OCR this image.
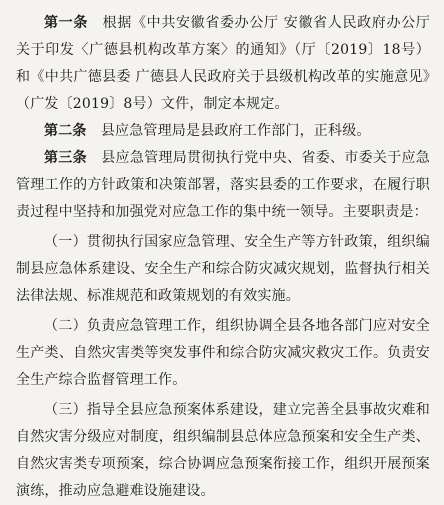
第一条　 根据《中共安徽省委办公厅 安徽省人民政府办公厅关于印发〈广德县机构改革方案〉的通知》（厅〔2019〕18号）和《中共广德县委 广德县人民政府关于县级机构改革的实施意见》（广发〔2019〕8号）文件，制定本规定。

第二条　 县应急管理局是县政府工作部门，正科级。

第三条　 县应急管理局贯彻执行党中央、省委、市委关于应急管理工作的方针政策和决策部署，落实县委的工作要求，在履行职责过程中坚持和加强党对应急工作的集中统一领导。主要职责是：

（一）贯彻执行国家应急管理、安全生产等方针政策，组织编制县应急体系建设、安全生产和综合防灾减灾规划，监督执行相关法律法规、标准规范和政策规划的有效实施。

（二）负责应急管理工作，组织协调全县各地各部门应对安全生产类、自然灾害类等突发事件和综合防灾减灾救灾工作。负责安全生产综合监督管理工作。

（三）指导全县应急预案体系建设，建立完善全县事故灾难和自然灾害分级应对制度，组织编制县总体应急预案和安全生产类、自然灾害类专项预案，综合协调应急预案衔接工作，组织开展预案演练，推动应急避难设施建设。
